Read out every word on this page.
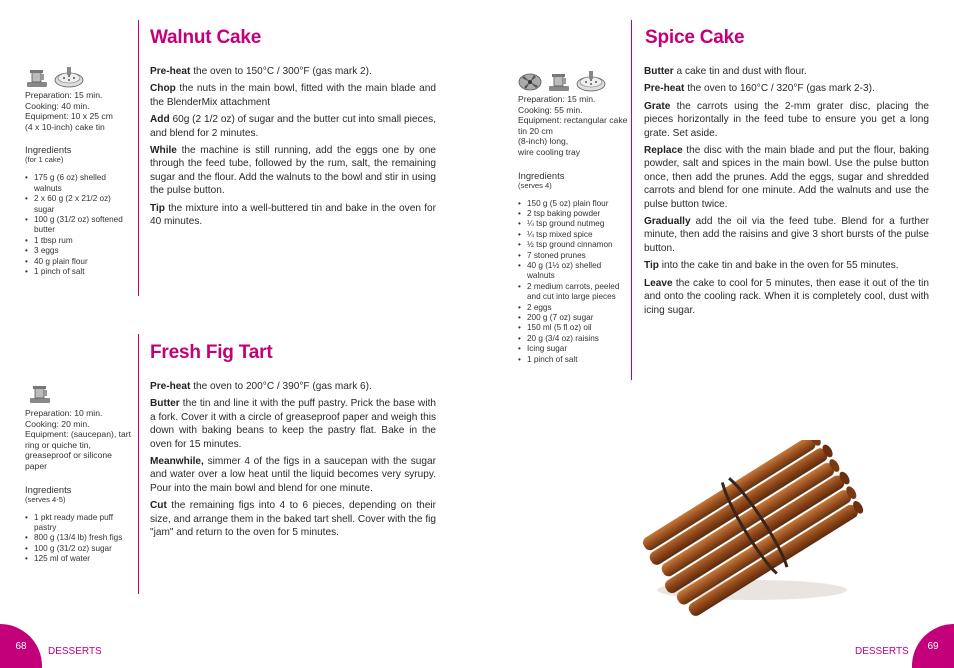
Walnut Cake

Preparation: 15 min.

Cooking: 40 min.

Equipment: 10 x 25 cm

(4 x 10-inch) cake tin

Ingredients

(for 1 cake)

• 175 g (6 oz) shelled walnuts
• 2 x 60 g (2 x 21/2 oz) sugar
• 100 g (31/2 oz) softened butter
• 1 tbsp rum
• 3 eggs
• 40 g plain flour
• 1 pinch of salt

Pre-heat the oven to 150°C / 300°F (gas mark 2).

Chop the nuts in the main bowl, fitted with the main blade and the BlenderMix attachment

Add 60g (2 1/2 oz) of sugar and the butter cut into small pieces, and blend for 2 minutes.

While the machine is still running, add the eggs one by one through the feed tube, followed by the rum, salt, the remaining sugar and the flour. Add the walnuts to the bowl and stir in using the pulse button.

Tip the mixture into a well-buttered tin and bake in the oven for 40 minutes.

Fresh Fig Tart

Preparation: 10 min.

Cooking: 20 min.

Equipment: (saucepan), tart ring or quiche tin, greaseproof or silicone paper

Ingredients

(serves 4-5)

• 1 pkt ready made puff pastry
• 800 g (13/4 lb) fresh figs
• 100 g (31/2 oz) sugar
• 125 ml of water

Pre-heat the oven to 200°C / 390°F (gas mark 6).

Butter the tin and line it with the puff pastry. Prick the base with a fork. Cover it with a circle of greaseproof paper and weigh this down with baking beans to keep the pastry flat. Bake in the oven for 15 minutes.

Meanwhile, simmer 4 of the figs in a saucepan with the sugar and water over a low heat until the liquid becomes very syrupy. Pour into the main bowl and blend for one minute.

Cut the remaining figs into 4 to 6 pieces, depending on their size, and arrange them in the baked tart shell. Cover with the fig "jam" and return to the oven for 5 minutes.

Spice Cake

Preparation: 15 min.

Cooking: 55 min.

Equipment: rectangular cake tin 20 cm

(8-inch) long,

wire cooling tray

Ingredients

(serves 4)

• 150 g (5 oz) plain flour
• 2 tsp baking powder
• ¼ tsp ground nutmeg
• ¼ tsp mixed spice
• ½ tsp ground cinnamon
• 7 stoned prunes
• 40 g (1½ oz) shelled walnuts
• 2 medium carrots, peeled and cut into large pieces
• 2 eggs
• 200 g (7 oz) sugar
• 150 ml (5 fl oz) oil
• 20 g (3/4 oz) raisins
• Icing sugar
• 1 pinch of salt

Butter a cake tin and dust with flour.

Pre-heat the oven to 160°C / 320°F (gas mark 2-3).

Grate the carrots using the 2-mm grater disc, placing the pieces horizontally in the feed tube to ensure you get a long grate. Set aside.

Replace the disc with the main blade and put the flour, baking powder, salt and spices in the main bowl. Use the pulse button once, then add the prunes. Add the eggs, sugar and shredded carrots and blend for one minute. Add the walnuts and use the pulse button twice.

Gradually add the oil via the feed tube. Blend for a further minute, then add the raisins and give 3 short bursts of the pulse button.

Tip into the cake tin and bake in the oven for 55 minutes.

Leave the cake to cool for 5 minutes, then ease it out of the tin and onto the cooling rack. When it is completely cool, dust with icing sugar.

68	DESSERTS	DESSERTS	69
